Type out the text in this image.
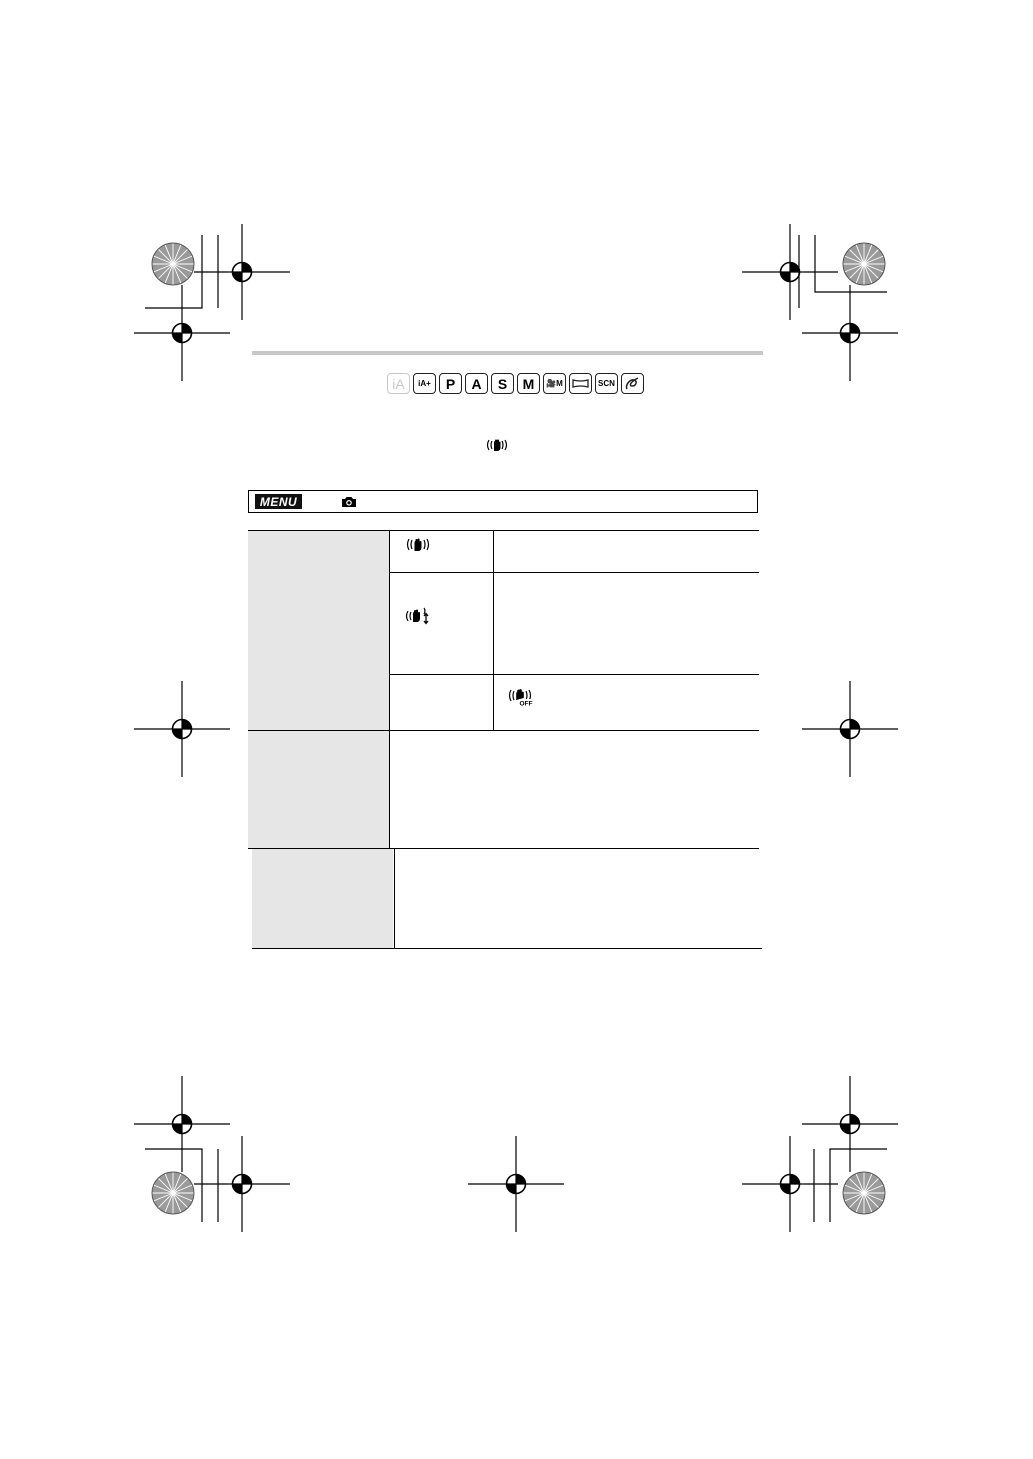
iA	iA+	P	A	S	M	🎥M	SCN
MENU
OFF
